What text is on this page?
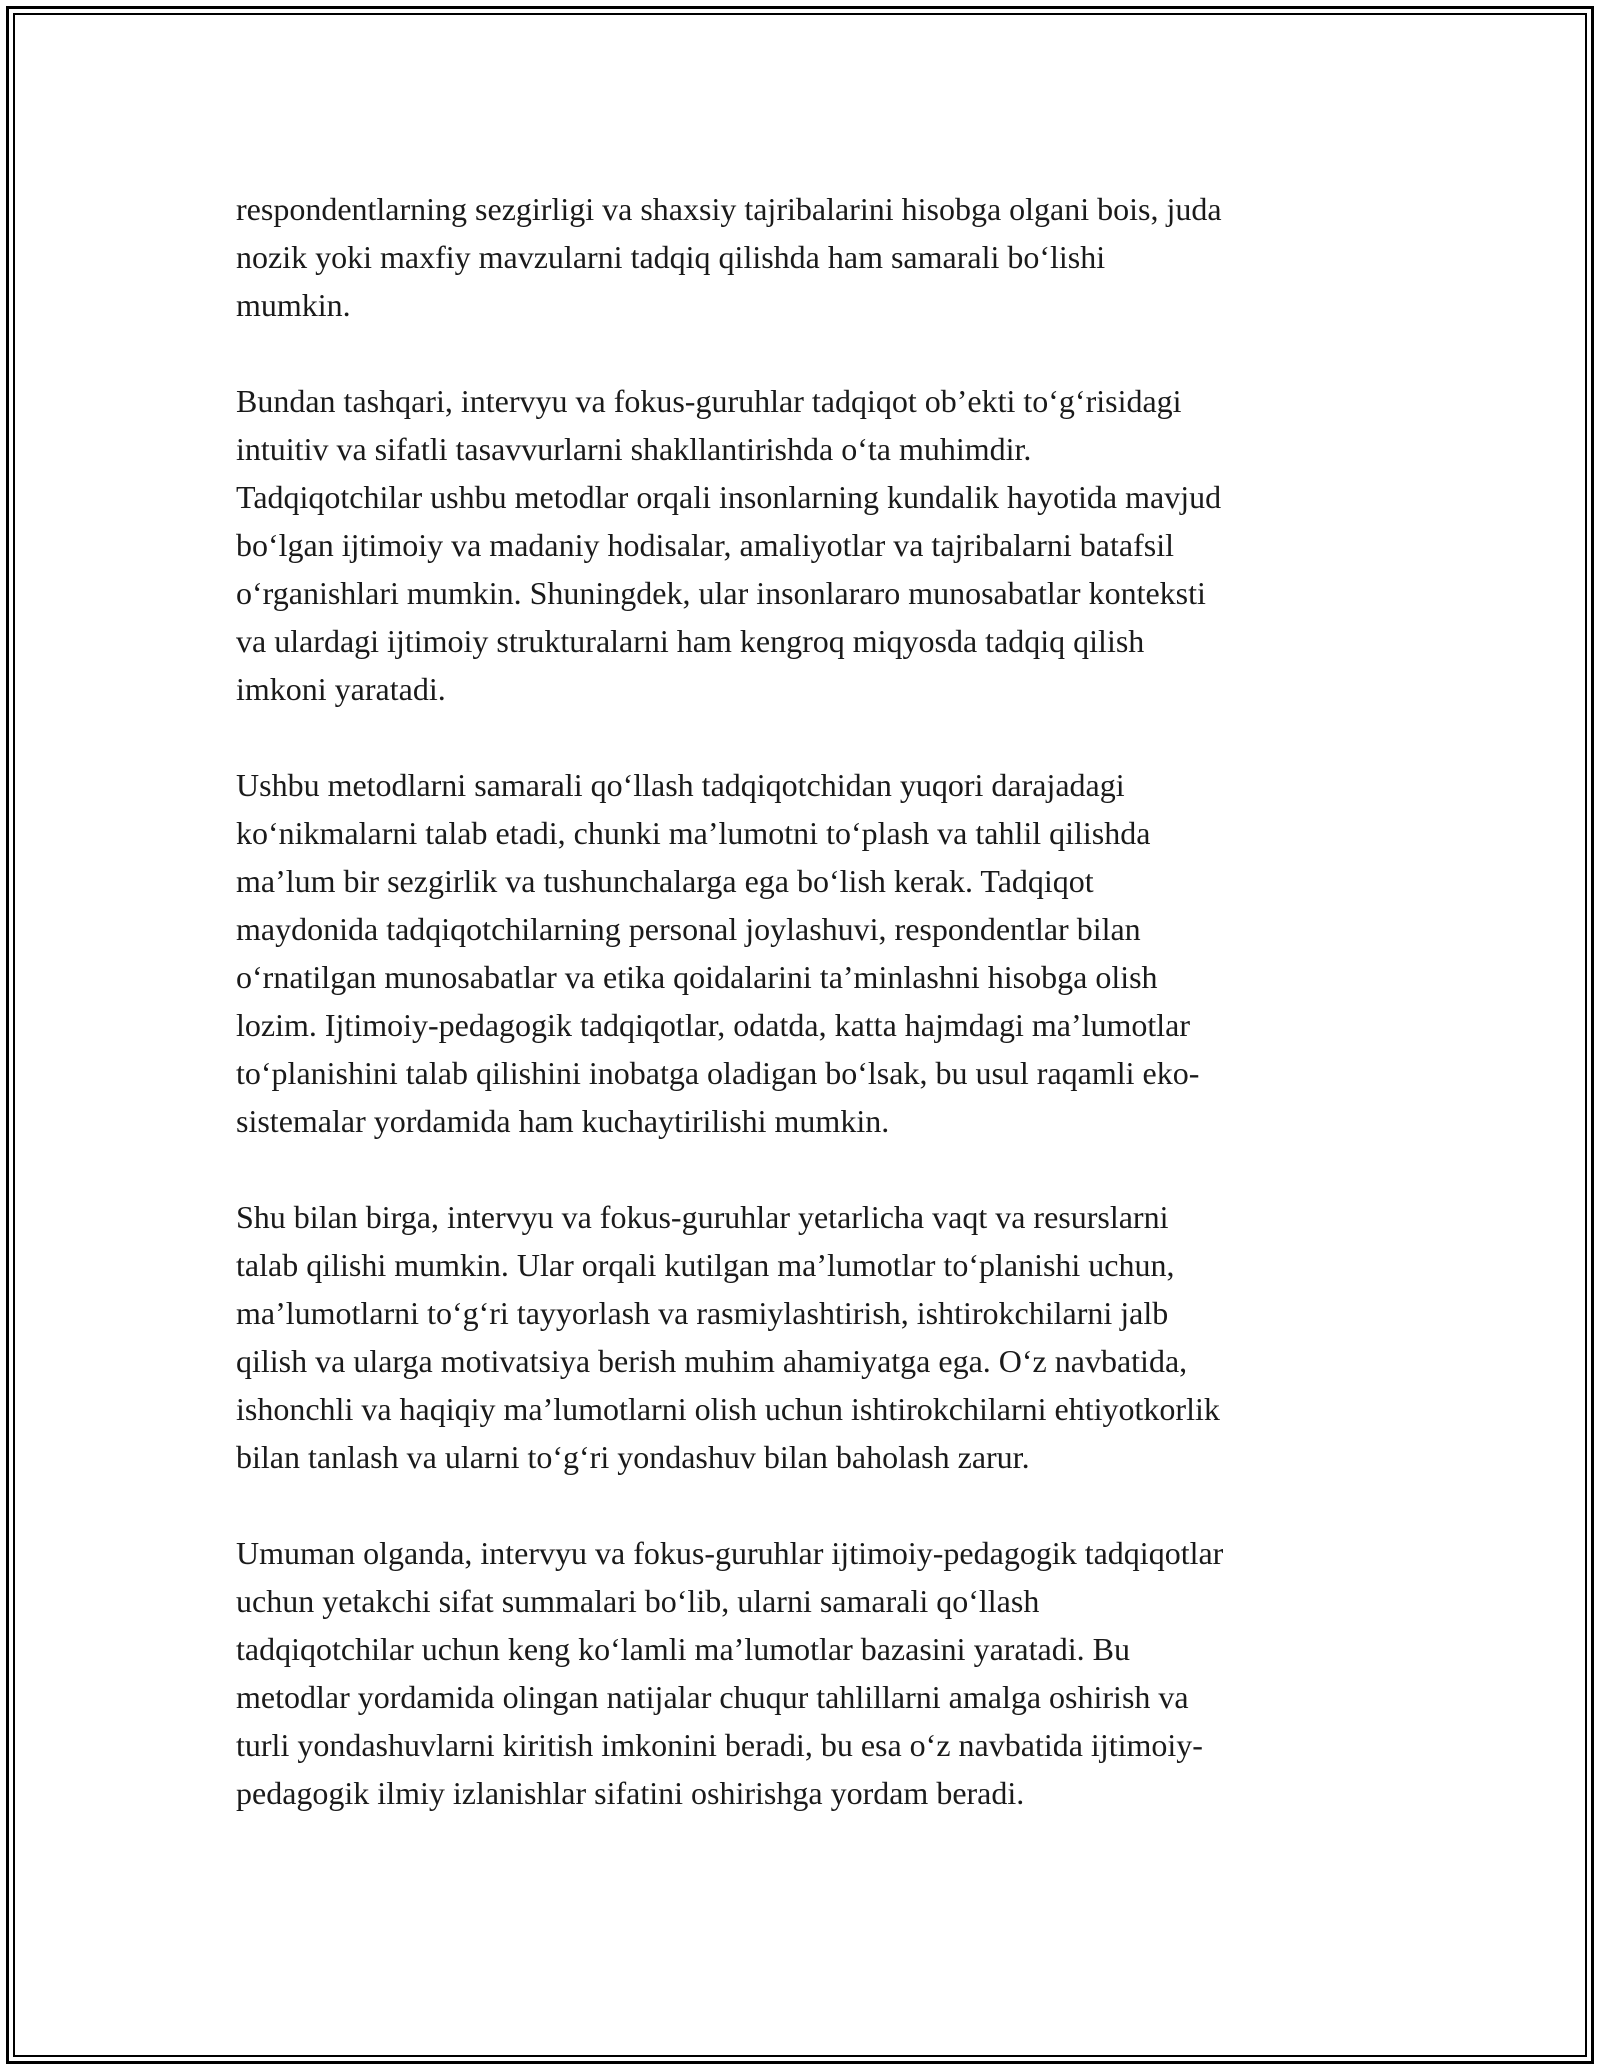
respondentlarning sezgirligi va shaxsiy tajribalarini hisobga olgani bois, juda
nozik yoki maxfiy mavzularni tadqiq qilishda ham samarali bo‘lishi
mumkin.
Bundan tashqari, intervyu va fokus-guruhlar tadqiqot ob’ekti to‘g‘risidagi
intuitiv va sifatli tasavvurlarni shakllantirishda o‘ta muhimdir.
Tadqiqotchilar ushbu metodlar orqali insonlarning kundalik hayotida mavjud
bo‘lgan ijtimoiy va madaniy hodisalar, amaliyotlar va tajribalarni batafsil
o‘rganishlari mumkin. Shuningdek, ular insonlararo munosabatlar konteksti
va ulardagi ijtimoiy strukturalarni ham kengroq miqyosda tadqiq qilish
imkoni yaratadi.
Ushbu metodlarni samarali qo‘llash tadqiqotchidan yuqori darajadagi
ko‘nikmalarni talab etadi, chunki ma’lumotni to‘plash va tahlil qilishda
ma’lum bir sezgirlik va tushunchalarga ega bo‘lish kerak. Tadqiqot
maydonida tadqiqotchilarning personal joylashuvi, respondentlar bilan
o‘rnatilgan munosabatlar va etika qoidalarini ta’minlashni hisobga olish
lozim. Ijtimoiy-pedagogik tadqiqotlar, odatda, katta hajmdagi ma’lumotlar
to‘planishini talab qilishini inobatga oladigan bo‘lsak, bu usul raqamli eko-
sistemalar yordamida ham kuchaytirilishi mumkin.
Shu bilan birga, intervyu va fokus-guruhlar yetarlicha vaqt va resurslarni
talab qilishi mumkin. Ular orqali kutilgan ma’lumotlar to‘planishi uchun,
ma’lumotlarni to‘g‘ri tayyorlash va rasmiylashtirish, ishtirokchilarni jalb
qilish va ularga motivatsiya berish muhim ahamiyatga ega. O‘z navbatida,
ishonchli va haqiqiy ma’lumotlarni olish uchun ishtirokchilarni ehtiyotkorlik
bilan tanlash va ularni to‘g‘ri yondashuv bilan baholash zarur.
Umuman olganda, intervyu va fokus-guruhlar ijtimoiy-pedagogik tadqiqotlar
uchun yetakchi sifat summalari bo‘lib, ularni samarali qo‘llash
tadqiqotchilar uchun keng ko‘lamli ma’lumotlar bazasini yaratadi. Bu
metodlar yordamida olingan natijalar chuqur tahlillarni amalga oshirish va
turli yondashuvlarni kiritish imkonini beradi, bu esa o‘z navbatida ijtimoiy-
pedagogik ilmiy izlanishlar sifatini oshirishga yordam beradi.
